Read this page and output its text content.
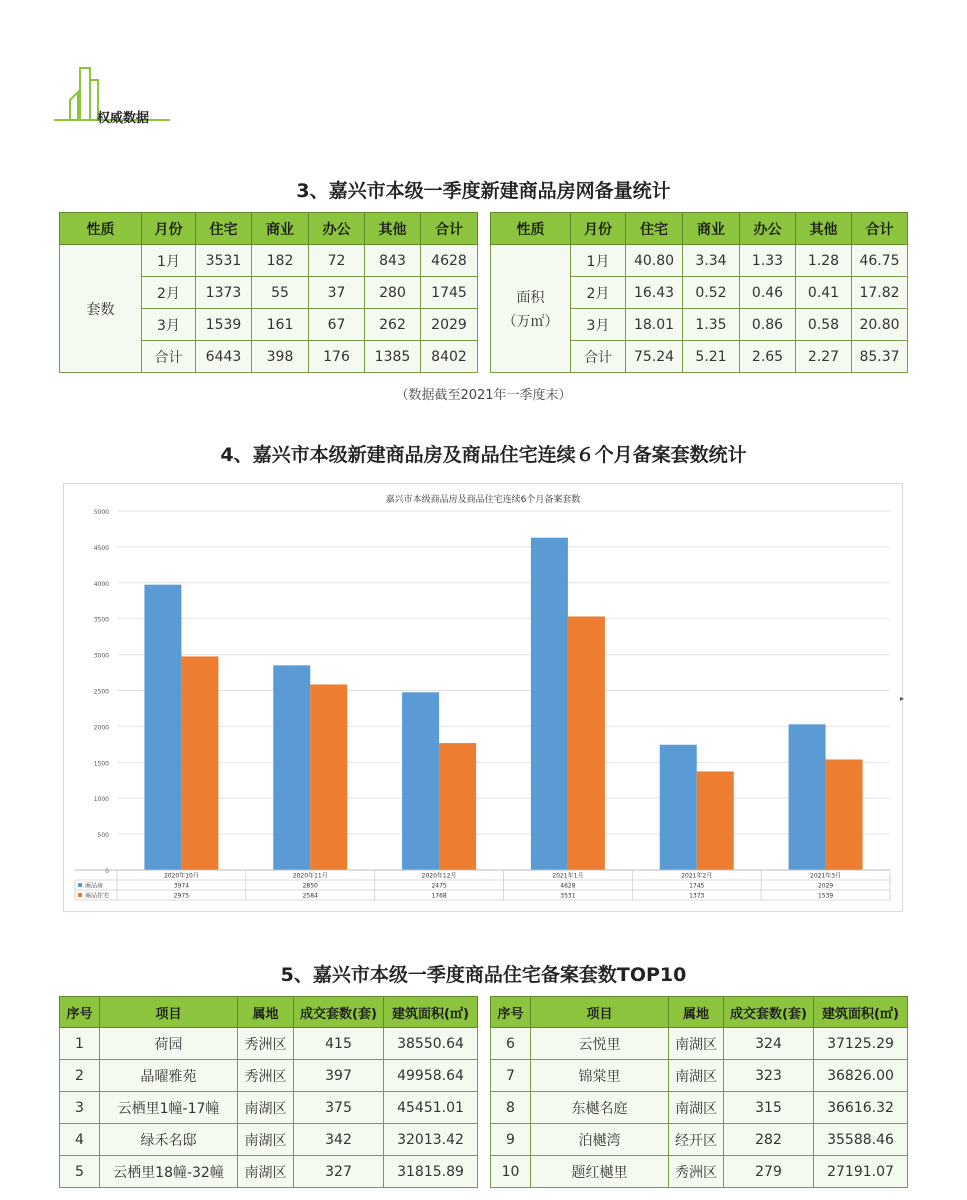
权威数据
3、嘉兴市本级一季度新建商品房网备量统计
性质	月份	住宅	商业	办公	其他	合计

套数	1月	3531	182	72	843	4628
	2月	1373	55	37	280	1745
	3月	1539	161	67	262	2029
	合计	6443	398	176	1385	8402
性质	月份	住宅	商业	办公	其他	合计

面积
（万㎡）	1月	40.80	3.34	1.33	1.28	46.75
	2月	16.43	0.52	0.46	0.41	17.82
	3月	18.01	1.35	0.86	0.58	20.80
	合计	75.24	5.21	2.65	2.27	85.37
（数据截至2021年一季度末）
4、嘉兴市本级新建商品房及商品住宅连续６个月备案套数统计
嘉兴市本级商品房及商品住宅连续6个月备案套数
0
500
1000
1500
2000
2500
3000
3500
4000
4500
5000
2020年10月	2020年11月	2020年12月	2021年1月	2021年2月	2021年3月
商品房	3974	2850	2475	4628	1745	2029
商品住宅	2975	2584	1768	3531	1373	1539
▸
5、嘉兴市本级一季度商品住宅备案套数TOP10
序号	项目	属地	成交套数(套)	建筑面积(㎡)
1	荷园	秀洲区	415	38550.64
2	晶曜雅苑	秀洲区	397	49958.64
3	云栖里1幢-17幢	南湖区	375	45451.01
4	绿禾名邸	南湖区	342	32013.42
5	云栖里18幢-32幢	南湖区	327	31815.89
序号	项目	属地	成交套数(套)	建筑面积(㎡)
6	云悦里	南湖区	324	37125.29
7	锦棠里	南湖区	323	36826.00
8	东樾名庭	南湖区	315	36616.32
9	泊樾湾	经开区	282	35588.46
10	题红樾里	秀洲区	279	27191.07
